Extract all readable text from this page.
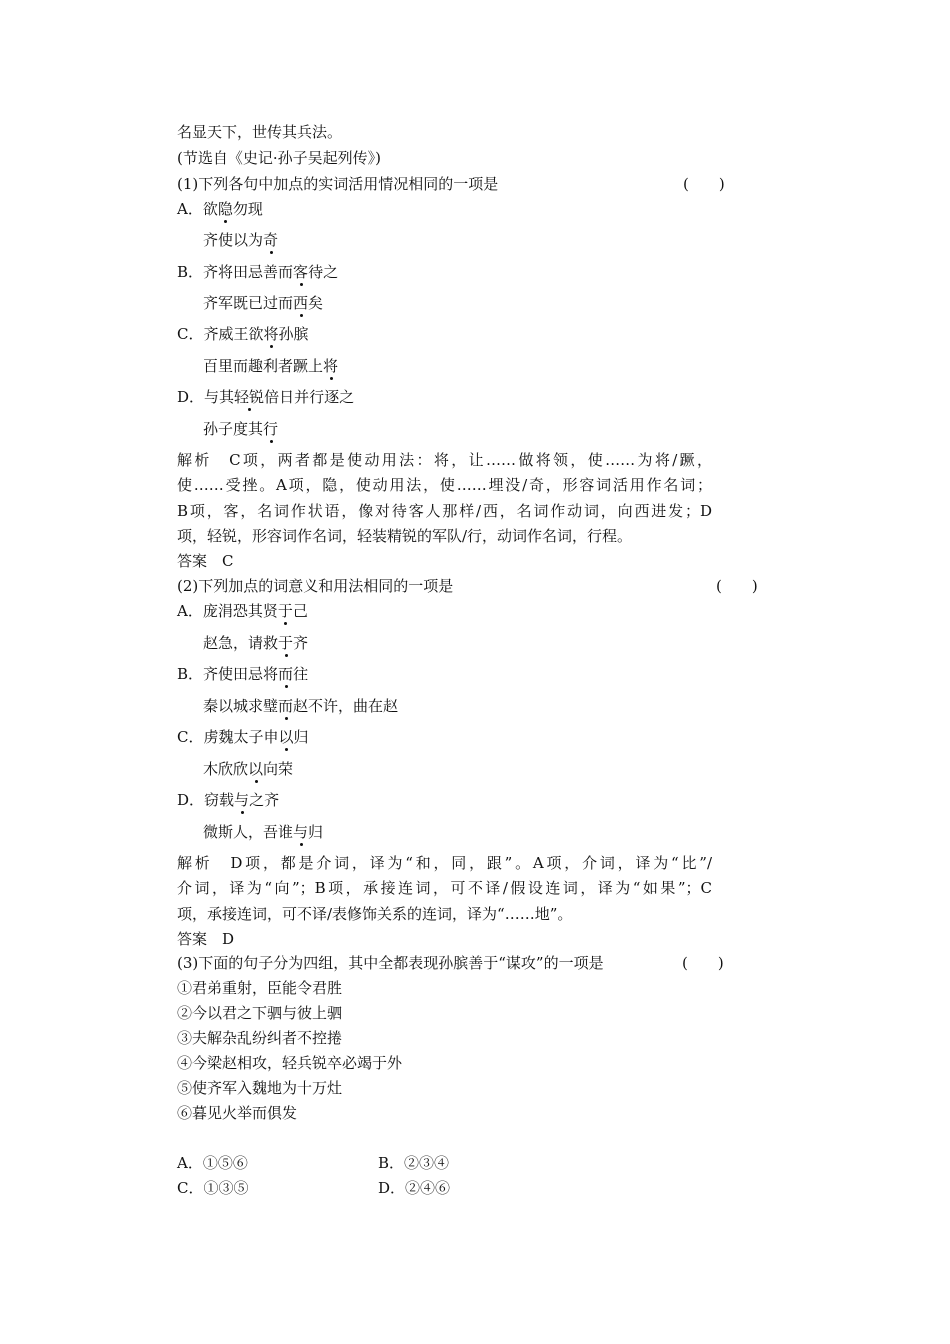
名显天下，世传其兵法。
(节选自《史记·孙子吴起列传》)
(1)下列各句中加点的实词活用情况相同的一项是	(　　)
A．欲隐勿现
齐使以为奇
B．齐将田忌善而客待之
齐军既已过而西矣
C．齐威王欲将孙膑
百里而趣利者蹶上将
D．与其轻锐倍日并行逐之
孙子度其行
解析　C项，两者都是使动用法：将，让……做将领，使……为将/蹶，
使……受挫。A项，隐，使动用法，使……埋没/奇，形容词活用作名词；
B项，客，名词作状语，像对待客人那样/西，名词作动词，向西进发；D
项，轻锐，形容词作名词，轻装精锐的军队/行，动词作名词，行程。
答案　C
(2)下列加点的词意义和用法相同的一项是	(　　)
A．庞涓恐其贤于己
赵急，请救于齐
B．齐使田忌将而往
秦以城求璧而赵不许，曲在赵
C．虏魏太子申以归
木欣欣以向荣
D．窃载与之齐
微斯人，吾谁与归
解析　D项，都是介词，译为“和，同，跟”。A项，介词，译为“比”/
介词，译为“向”；B项，承接连词，可不译/假设连词，译为“如果”；C
项，承接连词，可不译/表修饰关系的连词，译为“……地”。
答案　D
(3)下面的句子分为四组，其中全都表现孙膑善于“谋攻”的一项是	(　　)
①君弟重射，臣能令君胜
②今以君之下驷与彼上驷
③夫解杂乱纷纠者不控捲
④今梁赵相攻，轻兵锐卒必竭于外
⑤使齐军入魏地为十万灶
⑥暮见火举而俱发
A．①⑤⑥	B．②③④
C．①③⑤	D．②④⑥
